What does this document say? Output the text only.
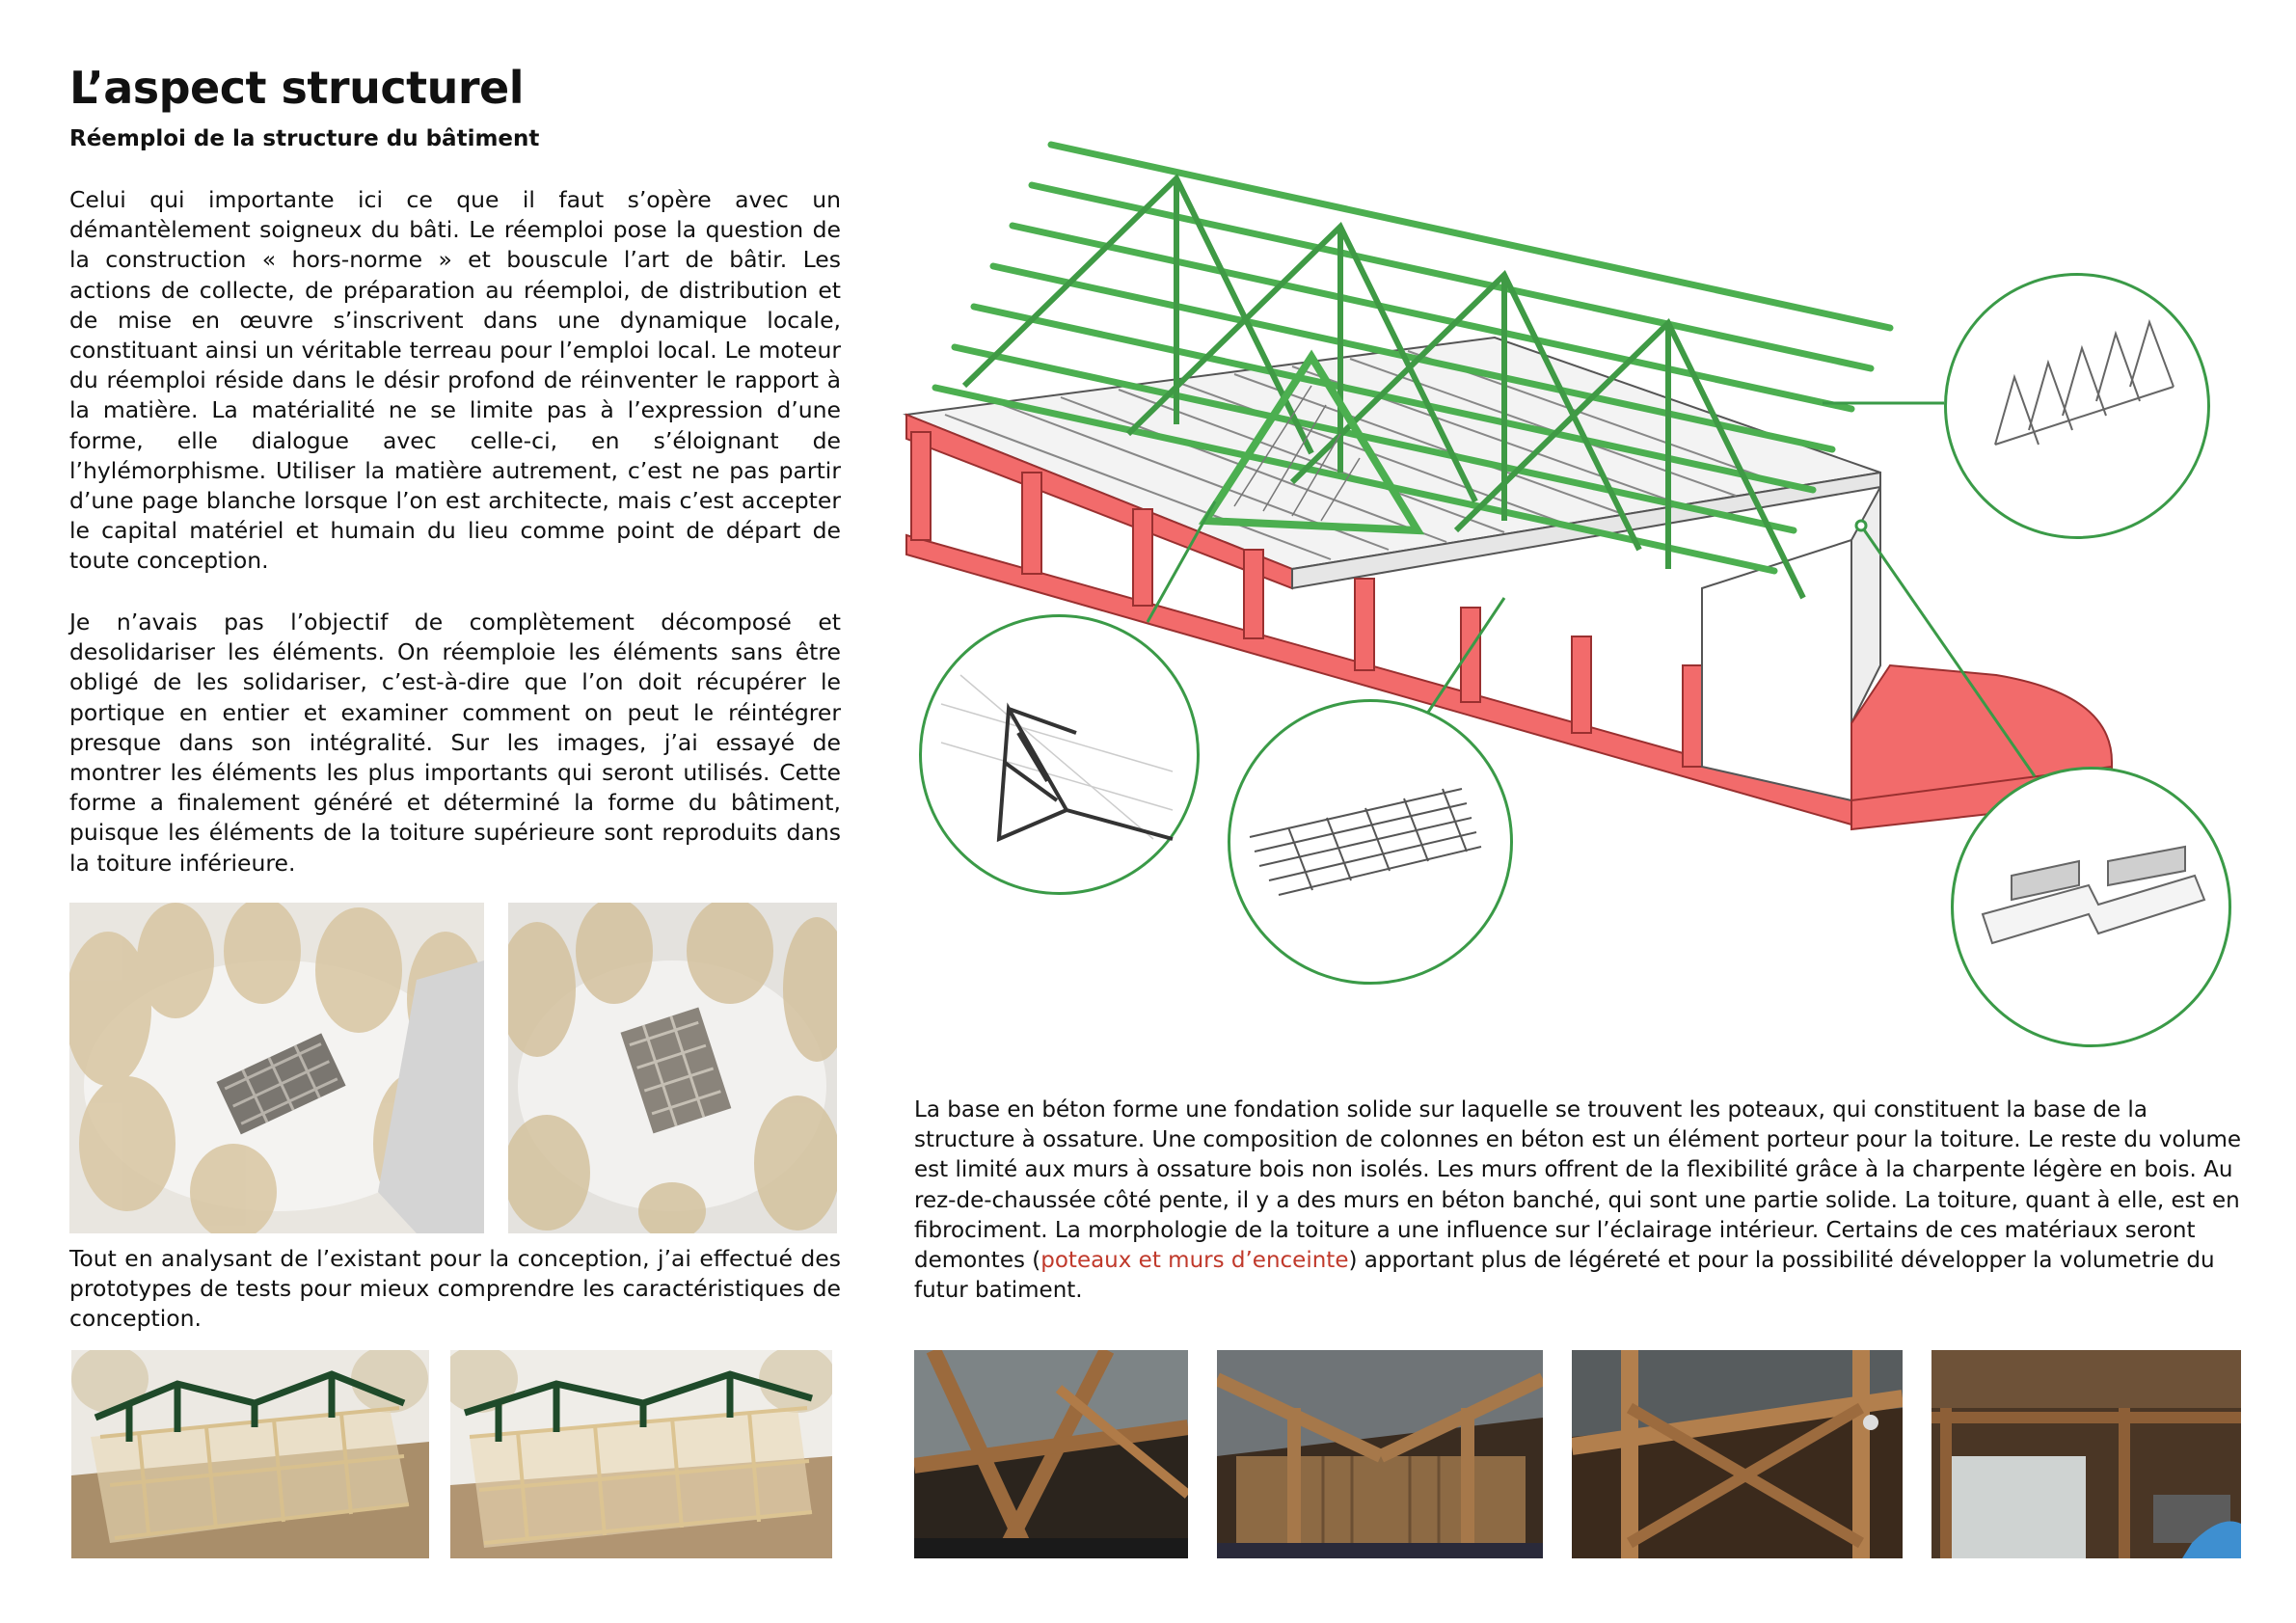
L’aspect structurel
Réemploi de la structure du bâtiment

Celui qui importante ici ce que il faut s’opère avec un démantèlement soigneux du bâti. Le réemploi pose la question de la construction « hors-norme » et bouscule l’art de bâtir. Les actions de collecte, de préparation au réemploi, de distribution et de mise en œuvre s’inscrivent dans une dynamique locale, constituant ainsi un véritable terreau pour l’emploi local. Le moteur du réemploi réside dans le désir profond de réinventer le rapport à la matière. La matérialité ne se limite pas à l’expression d’une forme, elle dialogue avec celle-ci, en s’éloignant de l’hylémorphisme. Utiliser la matière autrement, c’est ne pas partir d’une page blanche lorsque l’on est architecte, mais c’est accepter le capital matériel et humain du lieu comme point de départ de toute conception.

Je n’avais pas l’objectif de complètement décomposé et desolidariser les éléments. On réemploie les éléments sans être obligé de les solidariser, c’est-à-dire que l’on doit récupérer le portique en entier et examiner comment on peut le réintégrer presque dans son intégralité. Sur les images, j’ai essayé de montrer les éléments les plus importants qui seront utilisés. Cette forme a finalement généré et déterminé la forme du bâtiment, puisque les éléments de la toiture supérieure sont reproduits dans la toiture inférieure.

Tout en analysant de l’existant pour la conception, j’ai effectué des prototypes de tests pour mieux comprendre les caractéristiques de conception.

La base en béton forme une fondation solide sur laquelle se trouvent les poteaux, qui constituent la base de la structure à ossature. Une composition de colonnes en béton est un élément porteur pour la toiture. Le reste du volume est limité aux murs à ossature bois non isolés. Les murs offrent de la flexibilité grâce à la charpente légère en bois. Au rez-de-chaussée côté pente, il y a des murs en béton banché, qui sont une partie solide. La toiture, quant à elle, est en fibrociment. La morphologie de la toiture a une influence sur l’éclairage intérieur. Certains de ces matériaux seront demontes (poteaux et murs d’enceinte) apportant plus de légéreté et pour la possibilité développer la volumetrie du futur batiment.
